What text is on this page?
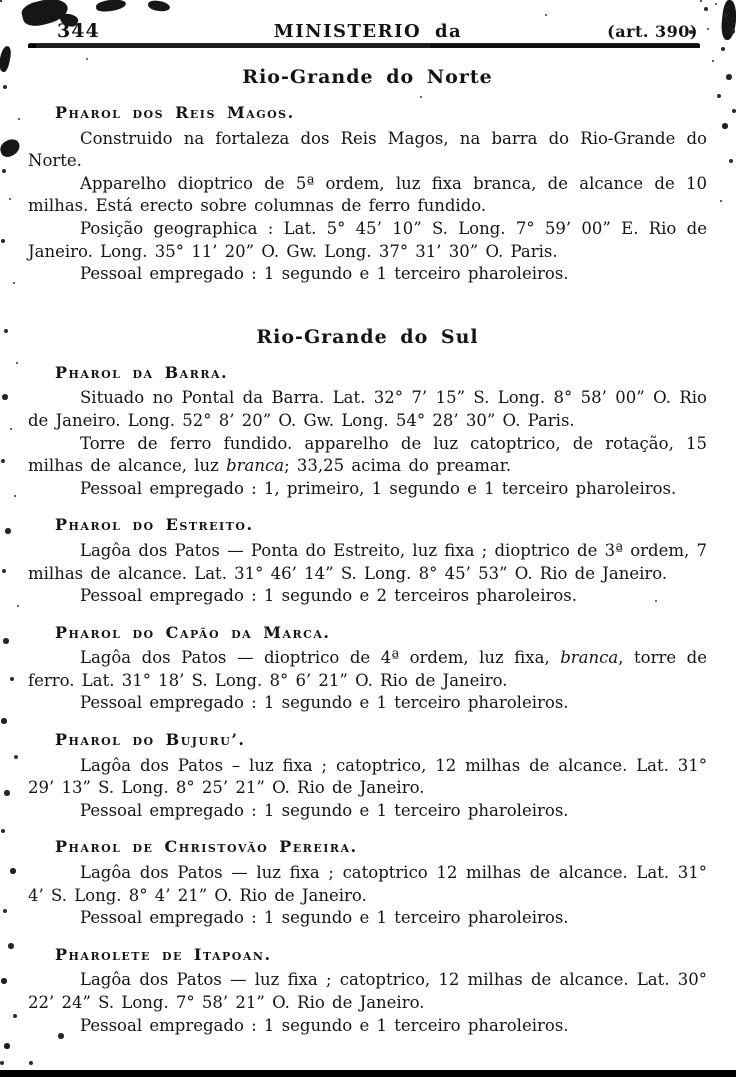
344	MINISTERIO da	(art. 390)
Rio-Grande do Norte
Pharol dos Reis Magos.

Construido na fortaleza dos Reis Magos, na barra do Rio-Grande do Norte.

Apparelho dioptrico de 5ª ordem, luz fixa branca, de alcance de 10 milhas. Está erecto sobre columnas de ferro fundido.

Posição geographica : Lat. 5° 45’ 10” S. Long. 7° 59’ 00” E. Rio de Janeiro. Long. 35° 11’ 20” O. Gw. Long. 37° 31’ 30” O. Paris.

Pessoal empregado : 1 segundo e 1 terceiro pharoleiros.

Rio-Grande do Sul
Pharol da Barra.

Situado no Pontal da Barra. Lat. 32° 7’ 15” S. Long. 8° 58’ 00” O. Rio de Janeiro. Long. 52° 8’ 20” O. Gw. Long. 54° 28’ 30” O. Paris.

Torre de ferro fundido. apparelho de luz catoptrico, de rotação, 15 milhas de alcance, luz branca; 33,25 acima do preamar.

Pessoal empregado : 1, primeiro, 1 segundo e 1 terceiro pharoleiros.

Pharol do Estreito.

Lagôa dos Patos — Ponta do Estreito, luz fixa ; dioptrico de 3ª ordem, 7 milhas de alcance. Lat. 31° 46’ 14” S. Long. 8° 45’ 53” O. Rio de Janeiro.

Pessoal empregado : 1 segundo e 2 terceiros pharoleiros.

Pharol do Capão da Marca.

Lagôa dos Patos — dioptrico de 4ª ordem, luz fixa, branca, torre de ferro. Lat. 31° 18’ S. Long. 8° 6’ 21” O. Rio de Janeiro.

Pessoal empregado : 1 segundo e 1 terceiro pharoleiros.

Pharol do Bujuru’.

Lagôa dos Patos – luz fixa ; catoptrico, 12 milhas de alcance. Lat. 31° 29’ 13” S. Long. 8° 25’ 21” O. Rio de Janeiro.

Pessoal empregado : 1 segundo e 1 terceiro pharoleiros.

Pharol de Christovão Pereira.

Lagôa dos Patos — luz fixa ; catoptrico 12 milhas de alcance. Lat. 31° 4’ S. Long. 8° 4’ 21” O. Rio de Janeiro.

Pessoal empregado : 1 segundo e 1 terceiro pharoleiros.

Pharolete de Itapoan.

Lagôa dos Patos — luz fixa ; catoptrico, 12 milhas de alcance. Lat. 30° 22’ 24” S. Long. 7° 58’ 21” O. Rio de Janeiro.

Pessoal empregado : 1 segundo e 1 terceiro pharoleiros.
